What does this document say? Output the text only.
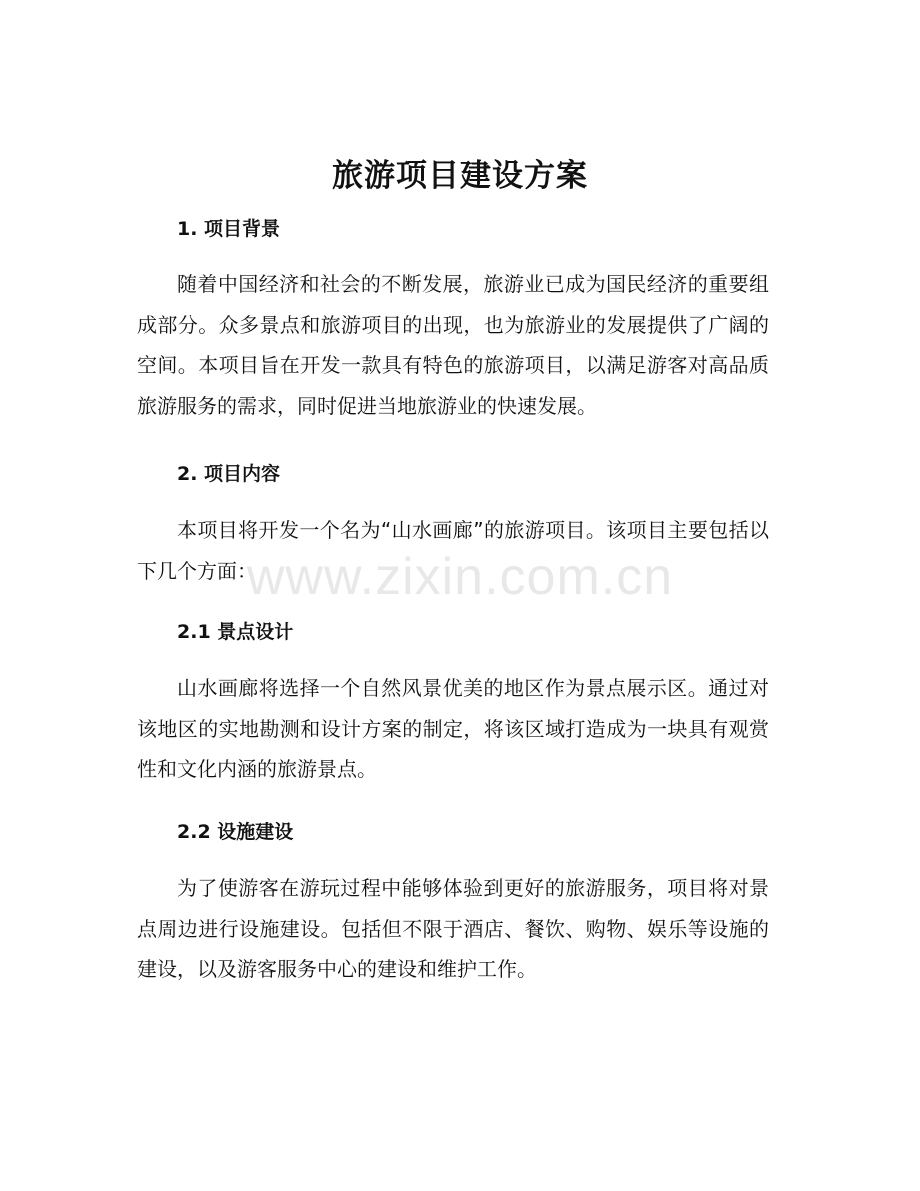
旅游项目建设方案
1. 项目背景

随着中国经济和社会的不断发展，旅游业已成为国民经济的重要组成部分。众多景点和旅游项目的出现，也为旅游业的发展提供了广阔的空间。本项目旨在开发一款具有特色的旅游项目，以满足游客对高品质旅游服务的需求，同时促进当地旅游业的快速发展。

2. 项目内容

本项目将开发一个名为“山水画廊”的旅游项目。该项目主要包括以下几个方面：

2.1 景点设计

山水画廊将选择一个自然风景优美的地区作为景点展示区。通过对该地区的实地勘测和设计方案的制定，将该区域打造成为一块具有观赏性和文化内涵的旅游景点。

2.2 设施建设

为了使游客在游玩过程中能够体验到更好的旅游服务，项目将对景点周边进行设施建设。包括但不限于酒店、餐饮、购物、娱乐等设施的建设，以及游客服务中心的建设和维护工作。

www.zixin.com.cn
